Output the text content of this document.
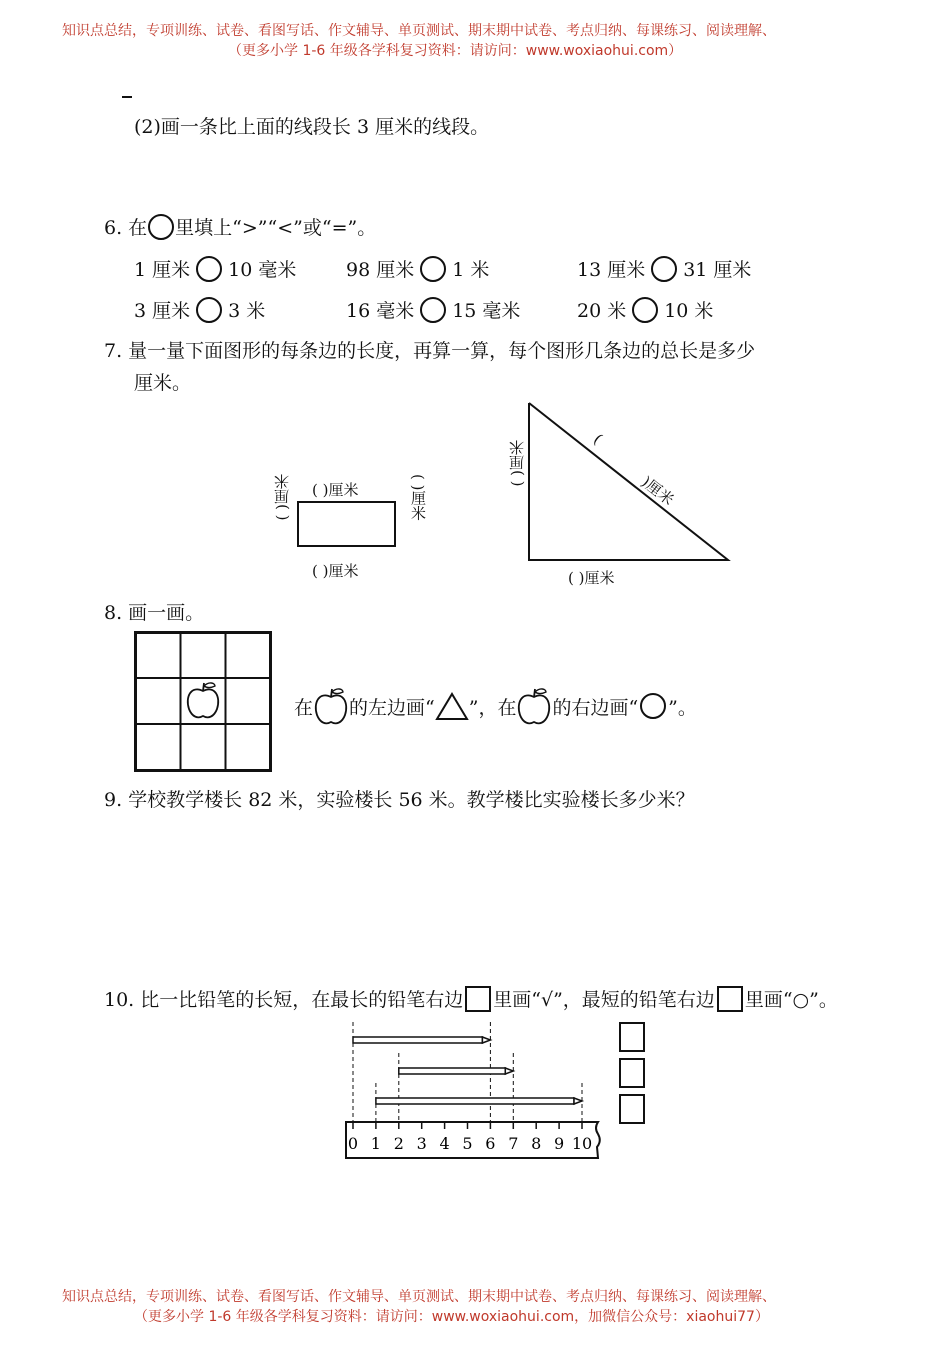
知识点总结，专项训练、试卷、看图写话、作文辅导、单页测试、期末期中试卷、考点归纳、每课练习、阅读理解、
（更多小学 1-6 年级各学科复习资料：请访问：www.woxiaohui.com）
(2)画一条比上面的线段长 3 厘米的线段。
6. 在 里填上“>”“<”或“=”。
1 厘米 10 毫米	98 厘米 1 米	13 厘米 31 厘米
3 厘米 3 米	16 毫米 15 毫米	20 米 10 米
7. 量一量下面图形的每条边的长度，再算一算，每个图形几条边的总长是多少
厘米。
( )厘米
( )厘米
( )厘米	( )厘米
( )厘米
( )厘米
(
)厘米
8. 画一画。
在 的左边画“ ”，在 的右边画“ ”。
9. 学校教学楼长 82 米，实验楼长 56 米。教学楼比实验楼长多少米？
10. 比一比铅笔的长短，在最长的铅笔右边 里画“√”，最短的铅笔右边 里画“○”。
0 1 2 3 4 5 6 7 8 9 10
知识点总结，专项训练、试卷、看图写话、作文辅导、单页测试、期末期中试卷、考点归纳、每课练习、阅读理解、
（更多小学 1-6 年级各学科复习资料：请访问：www.woxiaohui.com，加微信公众号：xiaohui77）
